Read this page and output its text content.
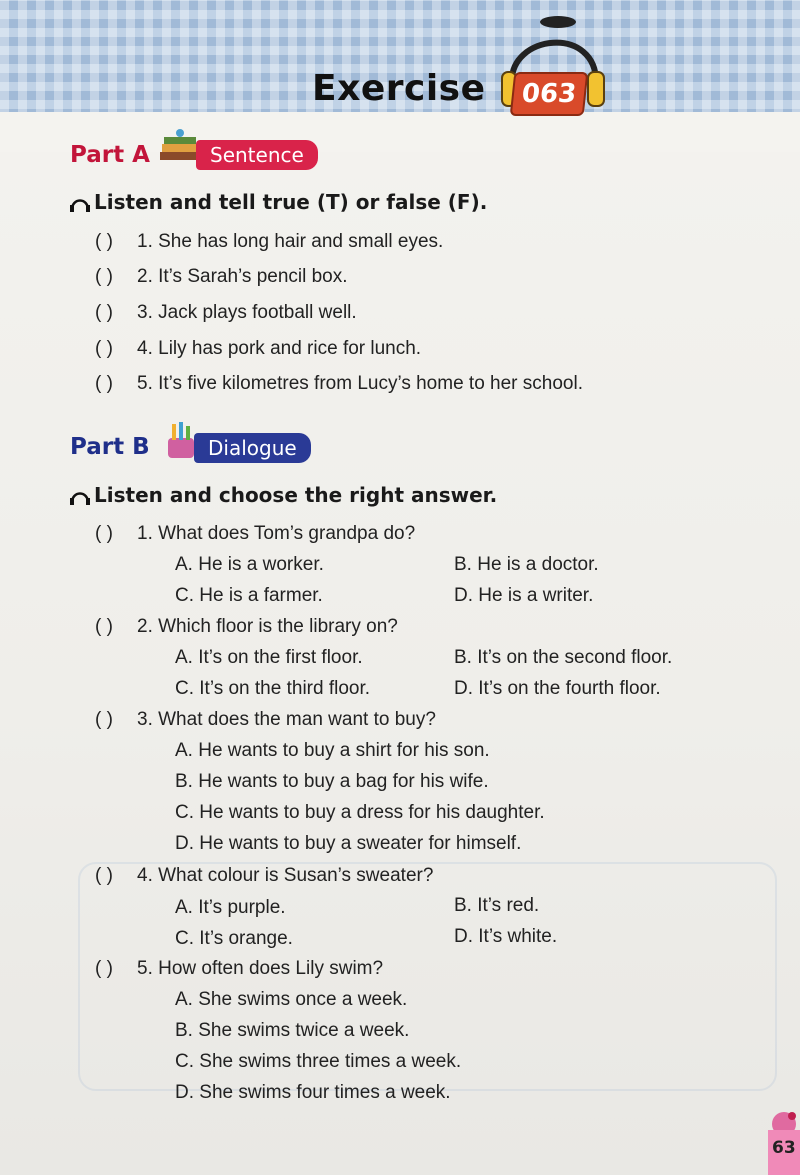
Exercise	063
Part A	Sentence
Listen and tell true (T) or false (F).
( ) 1. She has long hair and small eyes.
( ) 2. It’s Sarah’s pencil box.
( ) 3. Jack plays football well.
( ) 4. Lily has pork and rice for lunch.
( ) 5. It’s five kilometres from Lucy’s home to her school.
Part B	Dialogue
Listen and choose the right answer.
( ) 1. What does Tom’s grandpa do?
A. He is a worker.	B. He is a doctor.
C. He is a farmer.	D. He is a writer.
( ) 2. Which floor is the library on?
A. It’s on the first floor.	B. It’s on the second floor.
C. It’s on the third floor.	D. It’s on the fourth floor.
( ) 3. What does the man want to buy?
A. He wants to buy a shirt for his son.
B. He wants to buy a bag for his wife.
C. He wants to buy a dress for his daughter.
D. He wants to buy a sweater for himself.
( ) 4. What colour is Susan’s sweater?
A. It’s purple.	B. It’s red.
C. It’s orange.	D. It’s white.
( ) 5. How often does Lily swim?
A. She swims once a week.
B. She swims twice a week.
C. She swims three times a week.
D. She swims four times a week.
63
